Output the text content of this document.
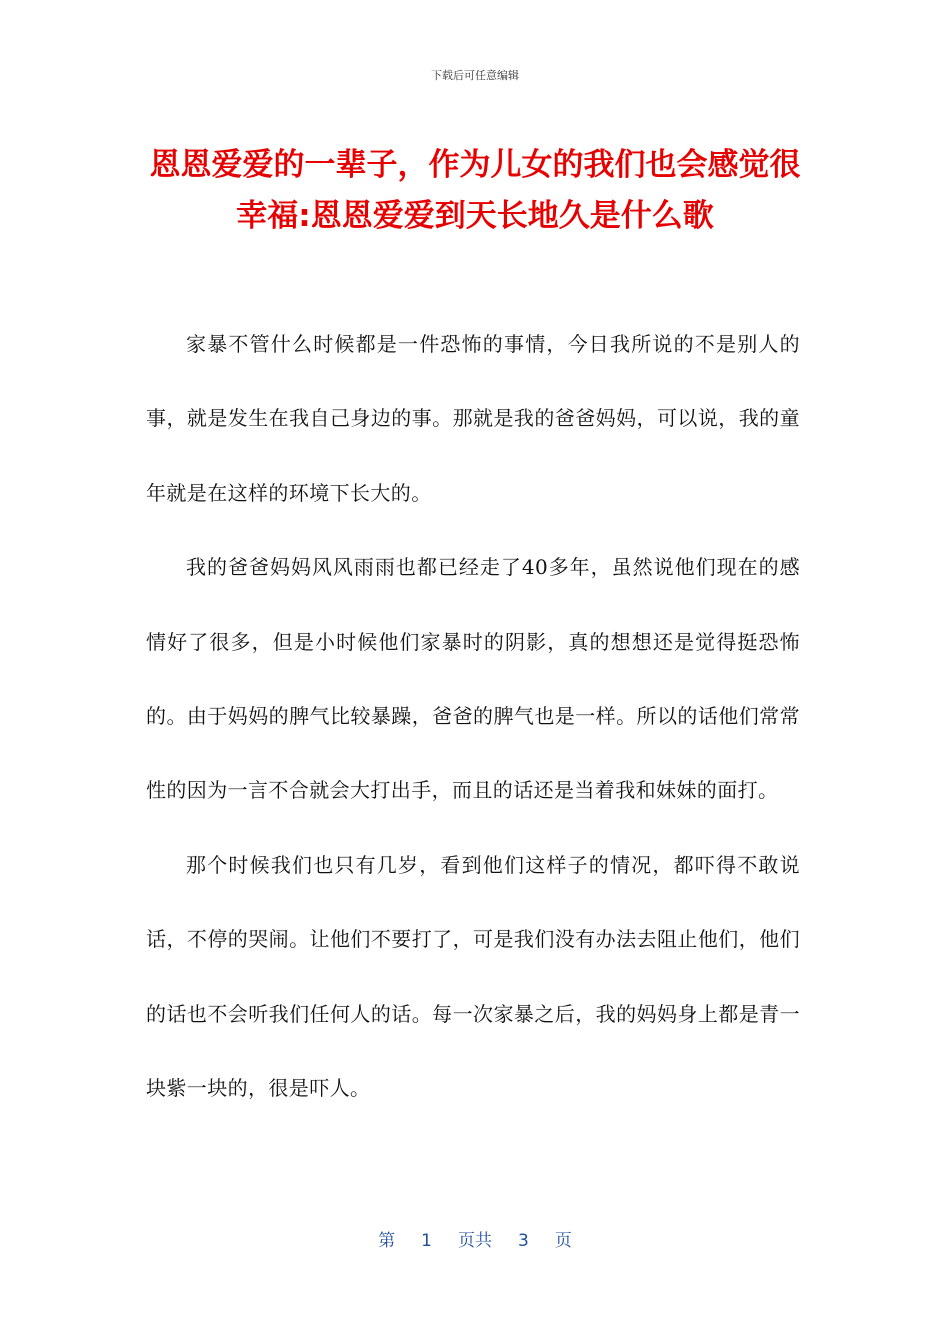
下载后可任意编辑
恩恩爱爱的一辈子，作为儿女的我们也会感觉很幸福:恩恩爱爱到天长地久是什么歌

家暴不管什么时候都是一件恐怖的事情，今日我所说的不是别人的事，就是发生在我自己身边的事。那就是我的爸爸妈妈，可以说，我的童年就是在这样的环境下长大的。

我的爸爸妈妈风风雨雨也都已经走了40多年，虽然说他们现在的感情好了很多，但是小时候他们家暴时的阴影，真的想想还是觉得挺恐怖的。由于妈妈的脾气比较暴躁，爸爸的脾气也是一样。所以的话他们常常性的因为一言不合就会大打出手，而且的话还是当着我和妹妹的面打。

那个时候我们也只有几岁，看到他们这样子的情况，都吓得不敢说话，不停的哭闹。让他们不要打了，可是我们没有办法去阻止他们，他们的话也不会听我们任何人的话。每一次家暴之后，我的妈妈身上都是青一块紫一块的，很是吓人。

第 1 页共 3 页
